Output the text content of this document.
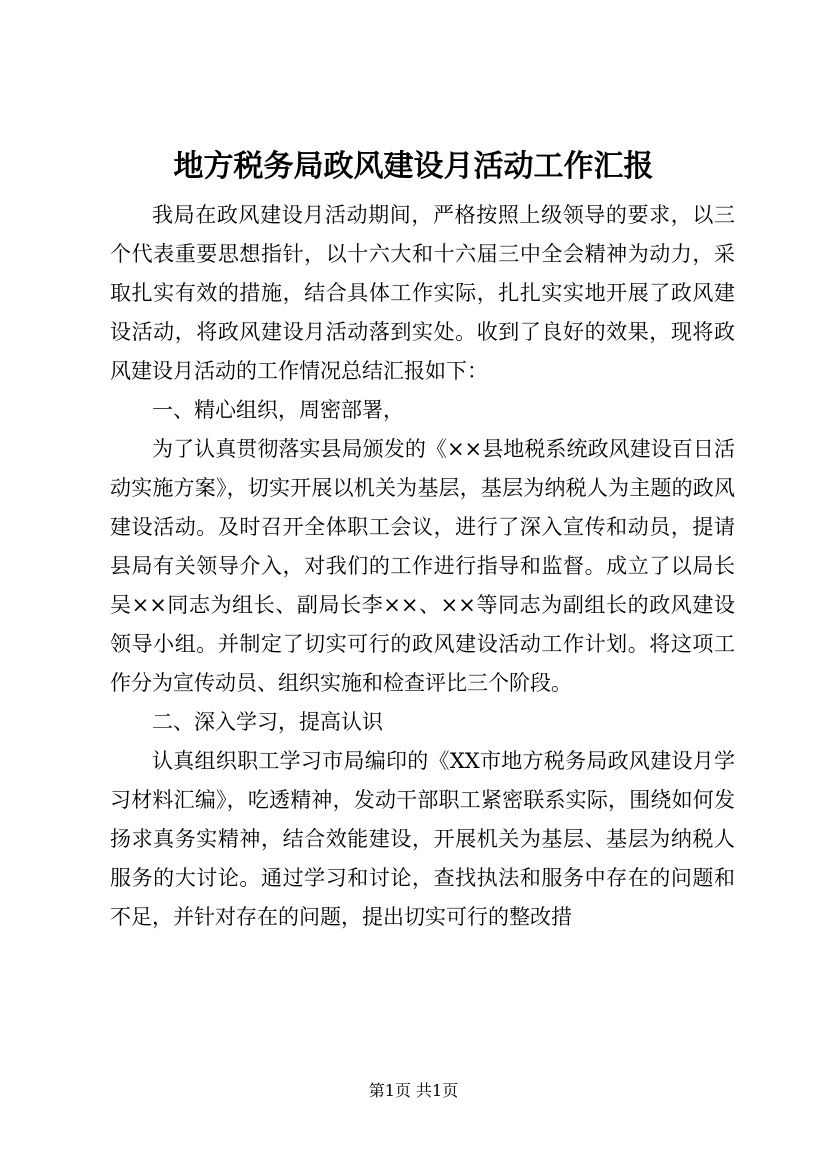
地方税务局政风建设月活动工作汇报

我局在政风建设月活动期间，严格按照上级领导的要求，以三个代表重要思想指针，以十六大和十六届三中全会精神为动力，采取扎实有效的措施，结合具体工作实际，扎扎实实地开展了政风建设活动，将政风建设月活动落到实处。收到了良好的效果，现将政风建设月活动的工作情况总结汇报如下：

一、精心组织，周密部署，

为了认真贯彻落实县局颁发的《××县地税系统政风建设百日活动实施方案》，切实开展以机关为基层，基层为纳税人为主题的政风建设活动。及时召开全体职工会议，进行了深入宣传和动员，提请县局有关领导介入，对我们的工作进行指导和监督。成立了以局长吴××同志为组长、副局长李××、××等同志为副组长的政风建设领导小组。并制定了切实可行的政风建设活动工作计划。将这项工作分为宣传动员、组织实施和检查评比三个阶段。

二、深入学习，提高认识

认真组织职工学习市局编印的《XX市地方税务局政风建设月学习材料汇编》，吃透精神，发动干部职工紧密联系实际，围绕如何发扬求真务实精神，结合效能建设，开展机关为基层、基层为纳税人服务的大讨论。通过学习和讨论，查找执法和服务中存在的问题和不足，并针对存在的问题，提出切实可行的整改措

第1页 共1页
